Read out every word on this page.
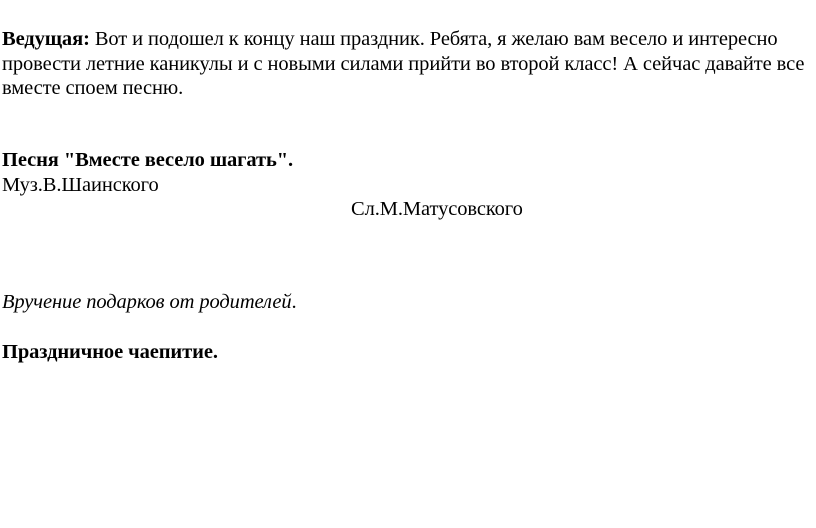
Ведущая: Вот и подошел к концу наш праздник. Ребята, я желаю вам весело и интересно провести летние каникулы и с новыми силами прийти во второй класс! А сейчас давайте все вместе споем песню.

Песня "Вместе весело шагать".

Муз.В.Шаинского

Сл.М.Матусовского

Вручение подарков от родителей.

Праздничное чаепитие.
